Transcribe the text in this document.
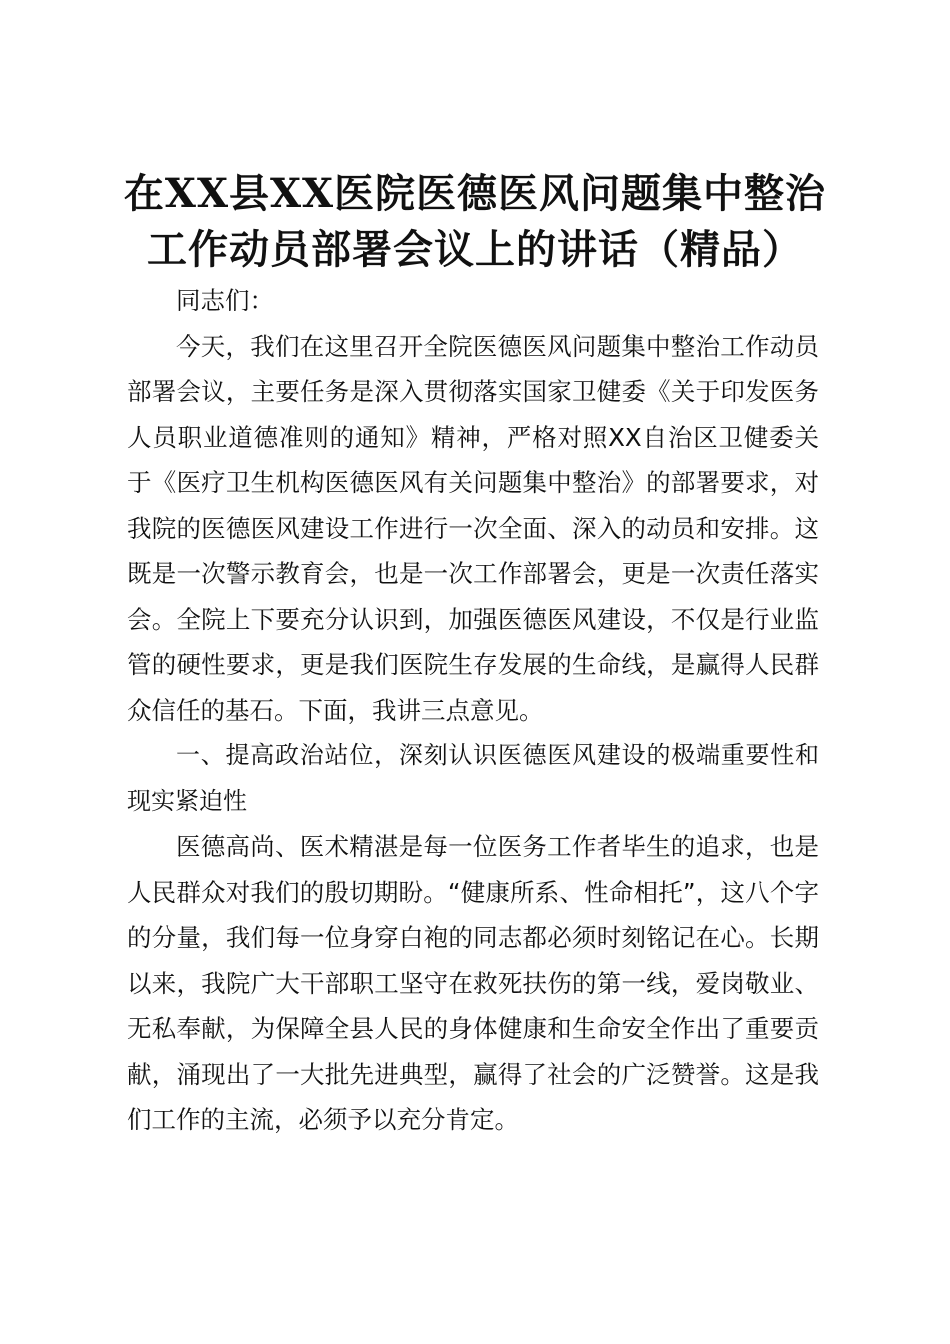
在XX县XX医院医德医风问题集中整治
工作动员部署会议上的讲话（精品）

同志们：

今天，我们在这里召开全院医德医风问题集中整治工作动员部署会议，主要任务是深入贯彻落实国家卫健委《关于印发医务人员职业道德准则的通知》精神，严格对照XX自治区卫健委关于《医疗卫生机构医德医风有关问题集中整治》的部署要求，对我院的医德医风建设工作进行一次全面、深入的动员和安排。这既是一次警示教育会，也是一次工作部署会，更是一次责任落实会。全院上下要充分认识到，加强医德医风建设，不仅是行业监管的硬性要求，更是我们医院生存发展的生命线，是赢得人民群众信任的基石。下面，我讲三点意见。

一、提高政治站位，深刻认识医德医风建设的极端重要性和现实紧迫性

医德高尚、医术精湛是每一位医务工作者毕生的追求，也是人民群众对我们的殷切期盼。“健康所系、性命相托”，这八个字的分量，我们每一位身穿白袍的同志都必须时刻铭记在心。长期以来，我院广大干部职工坚守在救死扶伤的第一线，爱岗敬业、无私奉献，为保障全县人民的身体健康和生命安全作出了重要贡献，涌现出了一大批先进典型，赢得了社会的广泛赞誉。这是我们工作的主流，必须予以充分肯定。
